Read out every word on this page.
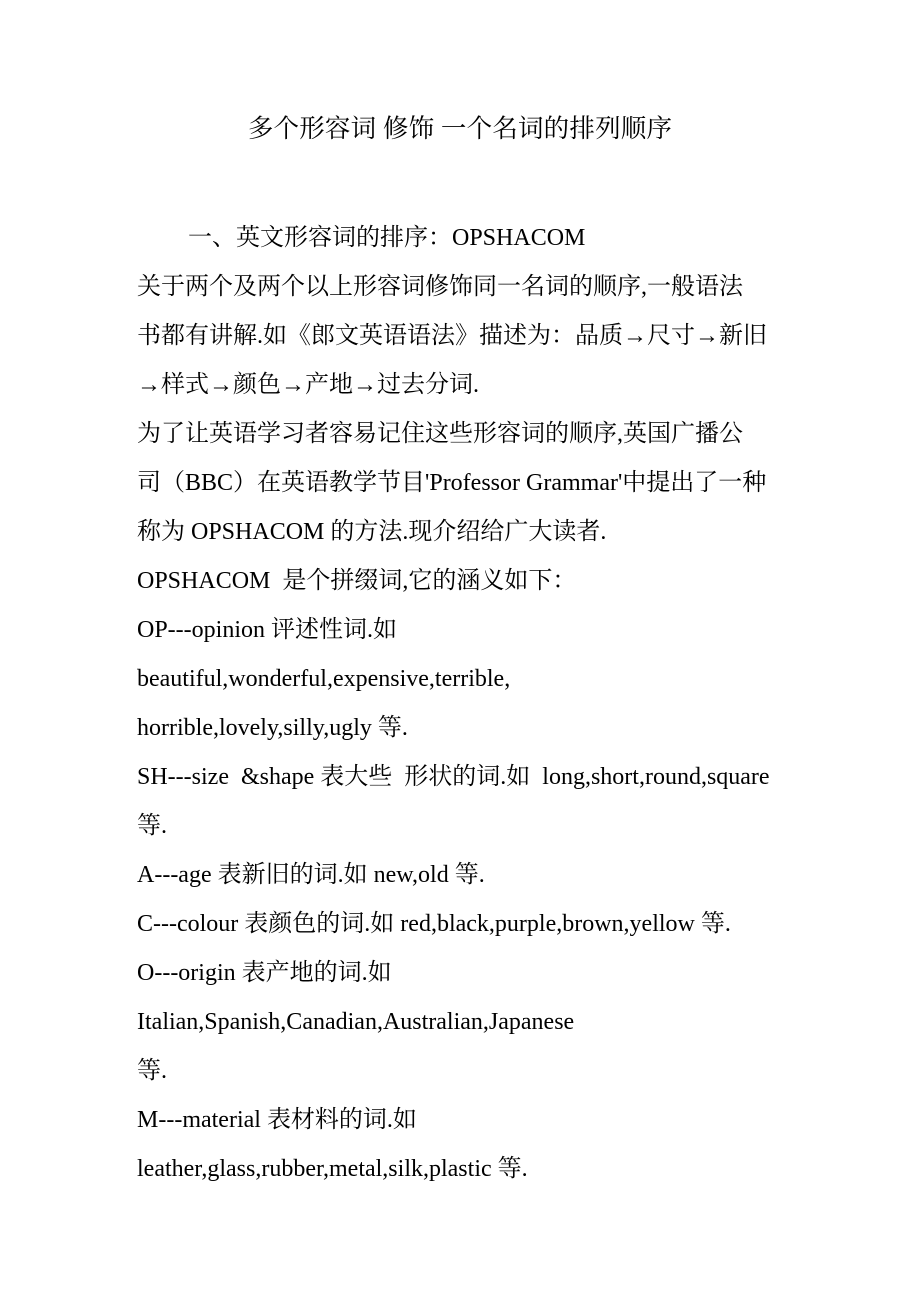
多个形容词 修饰 一个名词的排列顺序
一、英文形容词的排序：OPSHACOM
关于两个及两个以上形容词修饰同一名词的顺序,一般语法
书都有讲解.如《郎文英语语法》描述为：品质→尺寸→新旧
→样式→颜色→产地→过去分词.
为了让英语学习者容易记住这些形容词的顺序,英国广播公
司（BBC）在英语教学节目'Professor Grammar'中提出了一种
称为 OPSHACOM 的方法.现介绍给广大读者.
OPSHACOM  是个拼缀词,它的涵义如下：
OP---opinion 评述性词.如
beautiful,wonderful,expensive,terrible,
horrible,lovely,silly,ugly 等.
SH---size  &shape 表大些  形状的词.如  long,short,round,square
等.
A---age 表新旧的词.如 new,old 等.
C---colour 表颜色的词.如 red,black,purple,brown,yellow 等.
O---origin 表产地的词.如
Italian,Spanish,Canadian,Australian,Japanese
等.
M---material 表材料的词.如
leather,glass,rubber,metal,silk,plastic 等.
